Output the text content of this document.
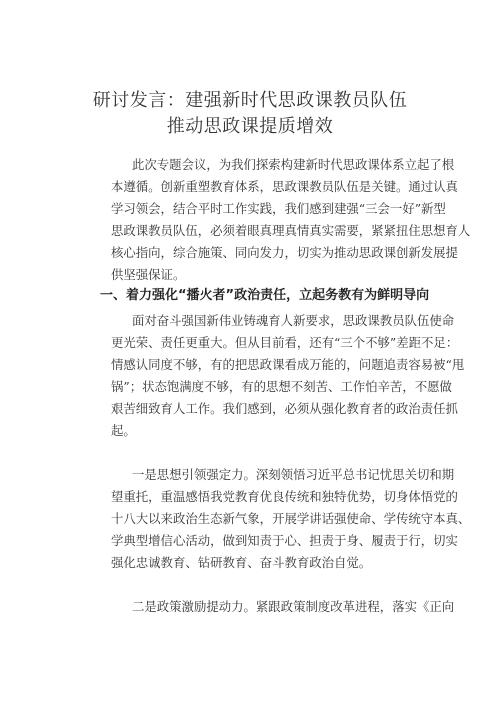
研讨发言：建强新时代思政课教员队伍
推动思政课提质增效
此次专题会议，为我们探索构建新时代思政课体系立起了根
本遵循。创新重塑教育体系，思政课教员队伍是关键。通过认真
学习领会，结合平时工作实践，我们感到建强“三会一好”新型
思政课教员队伍，必须着眼真理真情真实需要，紧紧扭住思想育人
核心指向，综合施策、同向发力，切实为推动思政课创新发展提
供坚强保证。
一、着力强化“播火者”政治责任，立起务教有为鲜明导向
面对奋斗强国新伟业铸魂育人新要求，思政课教员队伍使命
更光荣、责任更重大。但从目前看，还有“三个不够”差距不足：
情感认同度不够，有的把思政课看成万能的，问题追责容易被“甩
锅”；状态饱满度不够，有的思想不刻苦、工作怕辛苦，不愿做
艰苦细致育人工作。我们感到，必须从强化教育者的政治责任抓
起。
一是思想引领强定力。深刻领悟习近平总书记忧思关切和期
望重托，重温感悟我党教育优良传统和独特优势，切身体悟党的
十八大以来政治生态新气象，开展学讲话强使命、学传统守本真、
学典型增信心活动，做到知责于心、担责于身、履责于行，切实
强化忠诚教育、钻研教育、奋斗教育政治自觉。
二是政策激励提动力。紧跟政策制度改革进程，落实《正向
